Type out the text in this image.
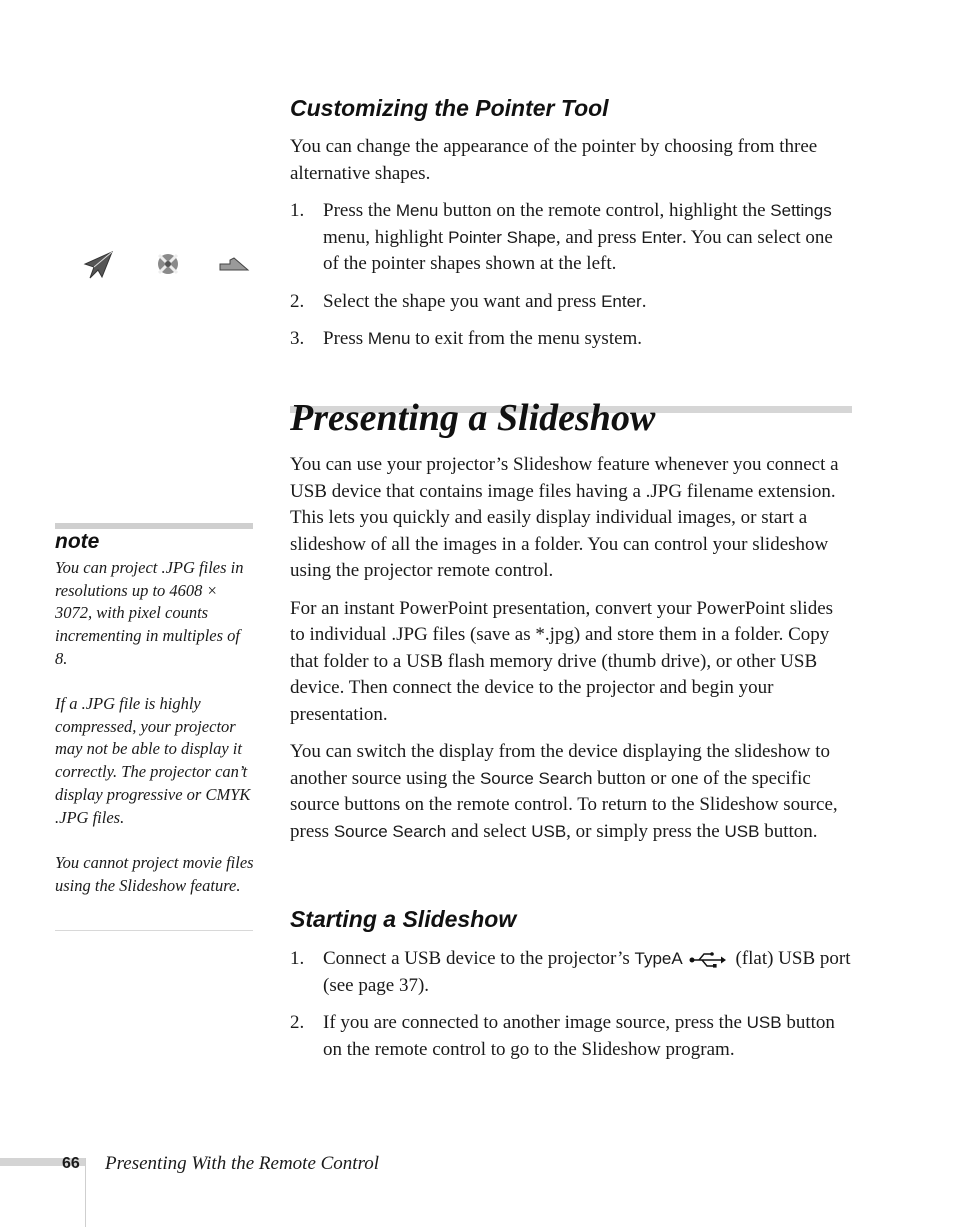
Customizing the Pointer Tool

You can change the appearance of the pointer by choosing from three alternative shapes.

1. Press the Menu button on the remote control, highlight the Settings menu, highlight Pointer Shape, and press Enter. You can select one of the pointer shapes shown at the left.
2. Select the shape you want and press Enter.
3. Press Menu to exit from the menu system.
Presenting a Slideshow

You can use your projector’s Slideshow feature whenever you connect a USB device that contains image files having a .JPG filename extension. This lets you quickly and easily display individual images, or start a slideshow of all the images in a folder. You can control your slideshow using the projector remote control.

For an instant PowerPoint presentation, convert your PowerPoint slides to individual .JPG files (save as *.jpg) and store them in a folder. Copy that folder to a USB flash memory drive (thumb drive), or other USB device. Then connect the device to the projector and begin your presentation.

You can switch the display from the device displaying the slideshow to another source using the Source Search button or one of the specific source buttons on the remote control. To return to the Slideshow source, press Source Search and select USB, or simply press the USB button.

Starting a Slideshow
1. Connect a USB device to the projector’s TypeA	(flat) USB port (see page 37).
2. If you are connected to another image source, press the USB button on the remote control to go to the Slideshow program.
note

You can project .JPG files in resolutions up to 4608 × 3072, with pixel counts incrementing in multiples of 8.

If a .JPG file is highly compressed, your projector may not be able to display it correctly. The projector can’t display progressive or CMYK .JPG files.

You cannot project movie files using the Slideshow feature.

66 Presenting With the Remote Control
